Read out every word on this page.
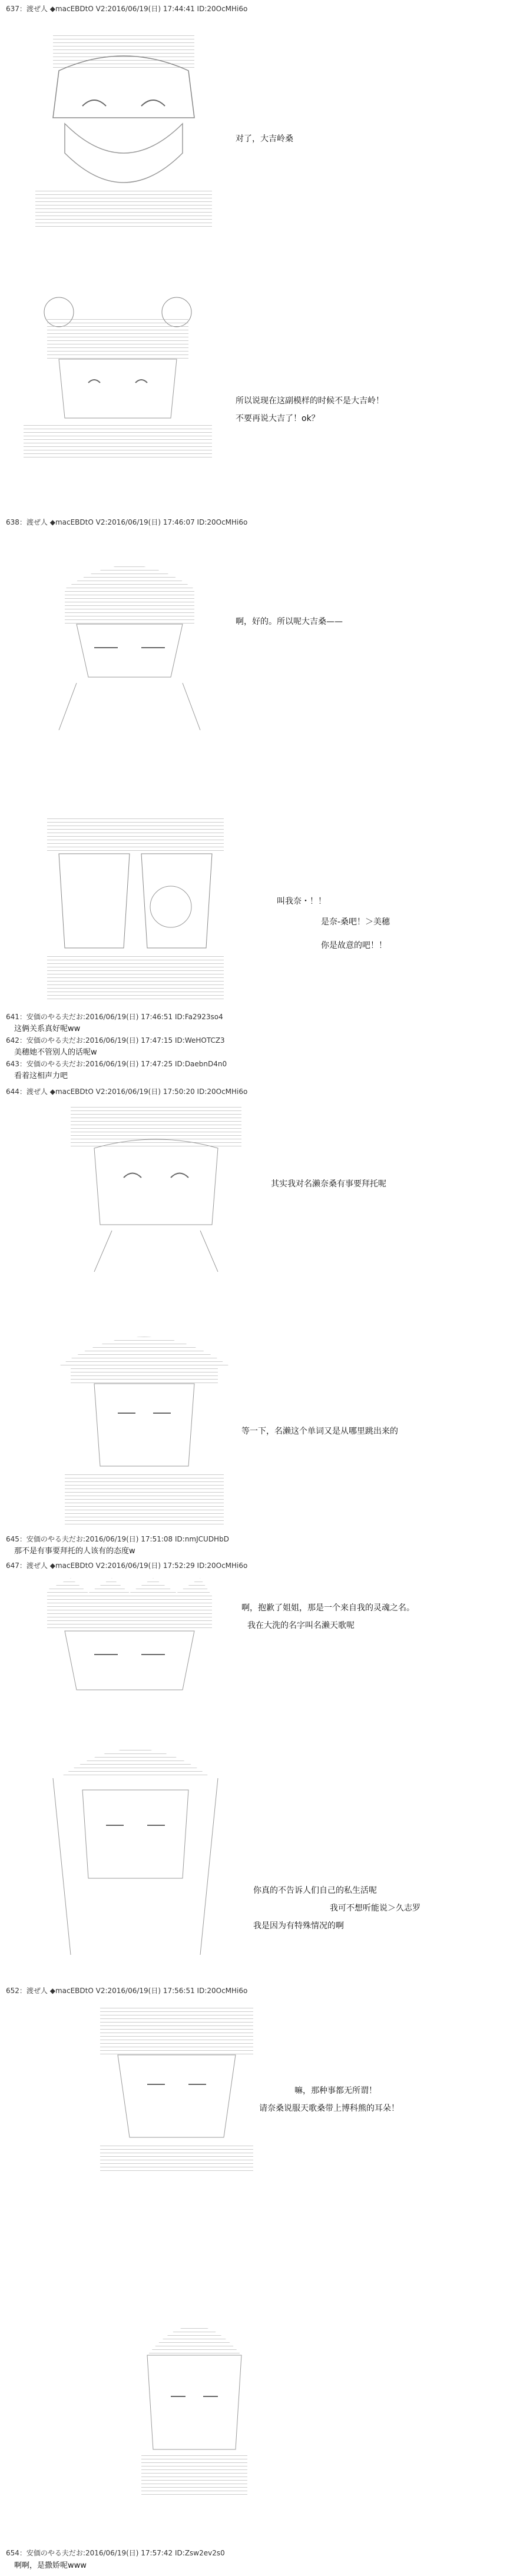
637：渡ぜ人 ◆macEBDtO V2:2016/06/19(日) 17:44:41 ID:20OcMHi6o
对了，大吉岭桑
所以说现在这副模样的时候不是大吉岭！
不要再说大吉了！ok？
638：渡ぜ人 ◆macEBDtO V2:2016/06/19(日) 17:46:07 ID:20OcMHi6o
啊，好的。所以呢大吉桑——
叫我奈・！！
是奈-桑吧！＞美穗
你是故意的吧！！
641：安価のやる夫だお:2016/06/19(日) 17:46:51 ID:Fa2923so4
这俩关系真好呢ww
642：安価のやる夫だお:2016/06/19(日) 17:47:15 ID:WeHOTCZ3
美穗她不管别人的话呢w
643：安価のやる夫だお:2016/06/19(日) 17:47:25 ID:DaebnD4n0
看着这相声力吧
644：渡ぜ人 ◆macEBDtO V2:2016/06/19(日) 17:50:20 ID:20OcMHi6o
其实我对名濑奈桑有事要拜托呢
等一下，名濑这个单词又是从哪里跳出来的
645：安価のやる夫だお:2016/06/19(日) 17:51:08 ID:nmJCUDHbD
那不是有事要拜托的人该有的态度w
647：渡ぜ人 ◆macEBDtO V2:2016/06/19(日) 17:52:29 ID:20OcMHi6o
啊，抱歉了姐姐，那是一个来自我的灵魂之名。
我在大洗的名字叫名濑天歌呢
你真的不告诉人们自己的私生活呢
我可不想听能说＞久志罗
我是因为有特殊情况的啊
652：渡ぜ人 ◆macEBDtO V2:2016/06/19(日) 17:56:51 ID:20OcMHi6o
嘛，那种事都无所谓！
请奈桑说服天歌桑带上博科熊的耳朵！
654：安価のやる夫だお:2016/06/19(日) 17:57:42 ID:Zsw2ev2s0
啊啊，是撒娇呢www
